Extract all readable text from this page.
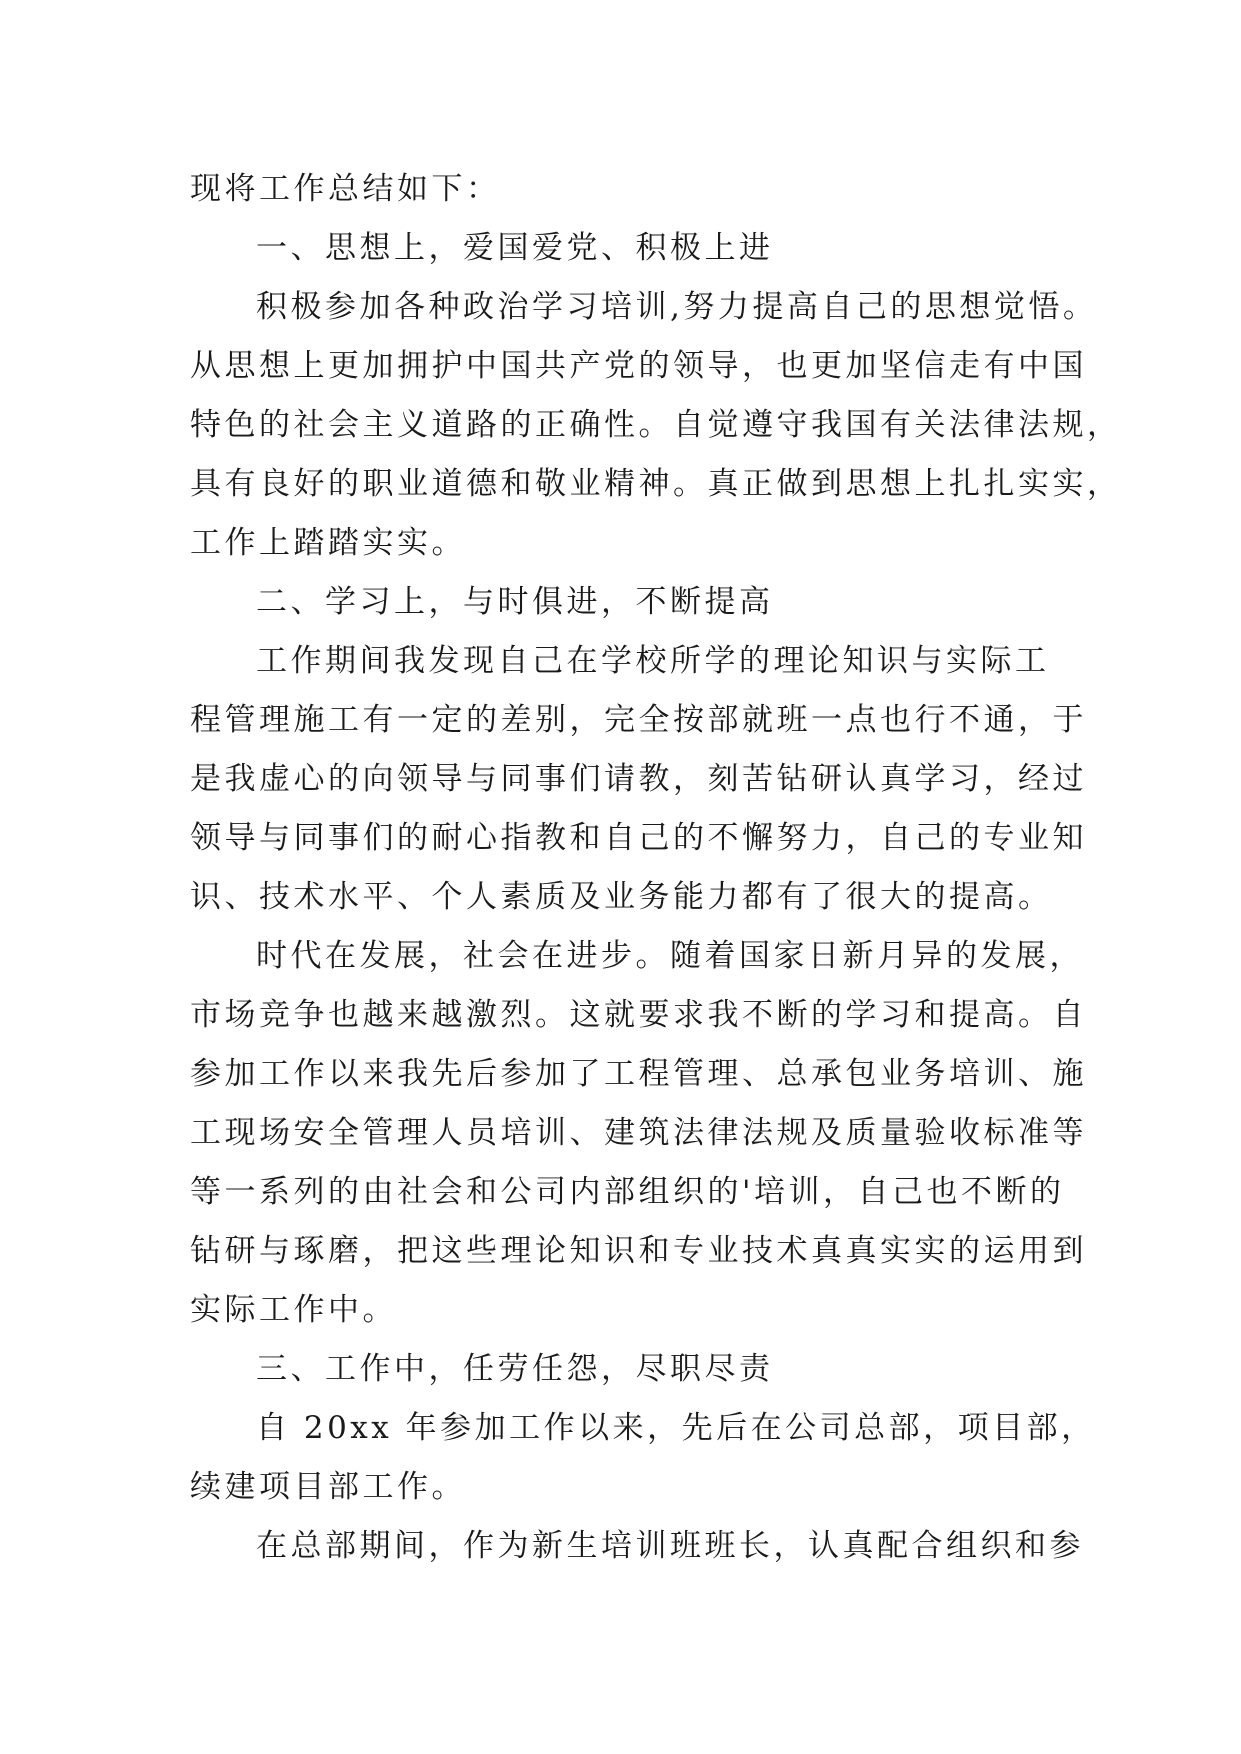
现将工作总结如下：
一、思想上，爱国爱党、积极上进
积极参加各种政治学习培训,努力提高自己的思想觉悟。
从思想上更加拥护中国共产党的领导，也更加坚信走有中国
特色的社会主义道路的正确性。自觉遵守我国有关法律法规，
具有良好的职业道德和敬业精神。真正做到思想上扎扎实实，
工作上踏踏实实。
二、学习上，与时俱进，不断提高
工作期间我发现自己在学校所学的理论知识与实际工
程管理施工有一定的差别，完全按部就班一点也行不通，于
是我虚心的向领导与同事们请教，刻苦钻研认真学习，经过
领导与同事们的耐心指教和自己的不懈努力，自己的专业知
识、技术水平、个人素质及业务能力都有了很大的提高。
时代在发展，社会在进步。随着国家日新月异的发展，
市场竞争也越来越激烈。这就要求我不断的学习和提高。自
参加工作以来我先后参加了工程管理、总承包业务培训、施
工现场安全管理人员培训、建筑法律法规及质量验收标准等
等一系列的由社会和公司内部组织的'培训，自己也不断的
钻研与琢磨，把这些理论知识和专业技术真真实实的运用到
实际工作中。
三、工作中，任劳任怨，尽职尽责
自 20xx 年参加工作以来，先后在公司总部，项目部，
续建项目部工作。
在总部期间，作为新生培训班班长，认真配合组织和参
